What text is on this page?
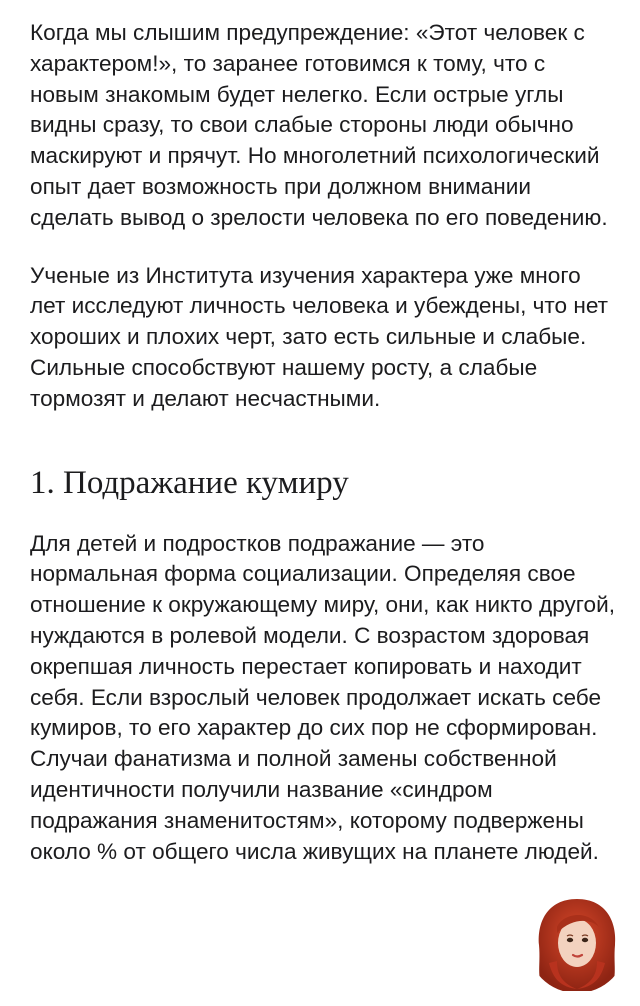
Когда мы слышим предупреждение: «Этот человек с характером!», то заранее готовимся к тому, что с новым знакомым будет нелегко. Если острые углы видны сразу, то свои слабые стороны люди обычно маскируют и прячут. Но многолетний психологический опыт дает возможность при должном внимании сделать вывод о зрелости человека по его поведению.

Ученые из Института изучения характера уже много лет исследуют личность человека и убеждены, что нет хороших и плохих черт, зато есть сильные и слабые. Сильные способствуют нашему росту, а слабые тормозят и делают несчастными.

1. Подражание кумиру

Для детей и подростков подражание — это нормальная форма социализации. Определяя свое отношение к окружающему миру, они, как никто другой, нуждаются в ролевой модели. С возрастом здоровая окрепшая личность перестает копировать и находит себя. Если взрослый человек продолжает искать себе кумиров, то его характер до сих пор не сформирован. Случаи фанатизма и полной замены собственной идентичности получили название «синдром подражания знаменитостям», которому подвержены около % от общего числа живущих на планете людей.
